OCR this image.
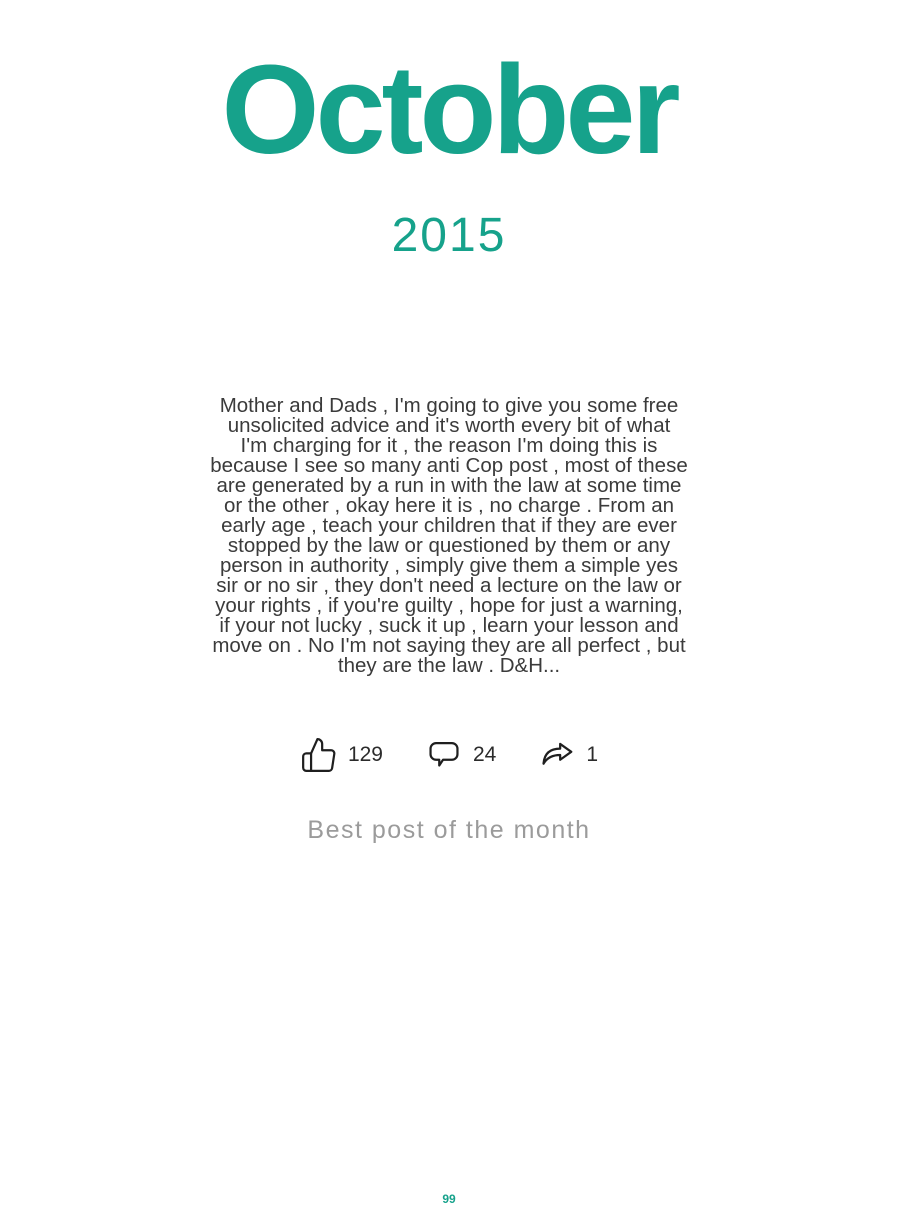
October
2015
Mother and Dads , I'm going to give you some free
unsolicited advice and it's worth every bit of what
I'm charging for it , the reason I'm doing this is
because I see so many anti Cop post , most of these
are generated by a run in with the law at some time
or the other , okay here it is , no charge . From an
early age , teach your children that if they are ever
stopped by the law or questioned by them or any
person in authority , simply give them a simple yes
sir or no sir , they don't need a lecture on the law or
your rights , if you're guilty , hope for just a warning,
if your not lucky , suck it up , learn your lesson and
move on . No I'm not saying they are all perfect , but
they are the law . D&H...
129	24	1
Best post of the month
99
